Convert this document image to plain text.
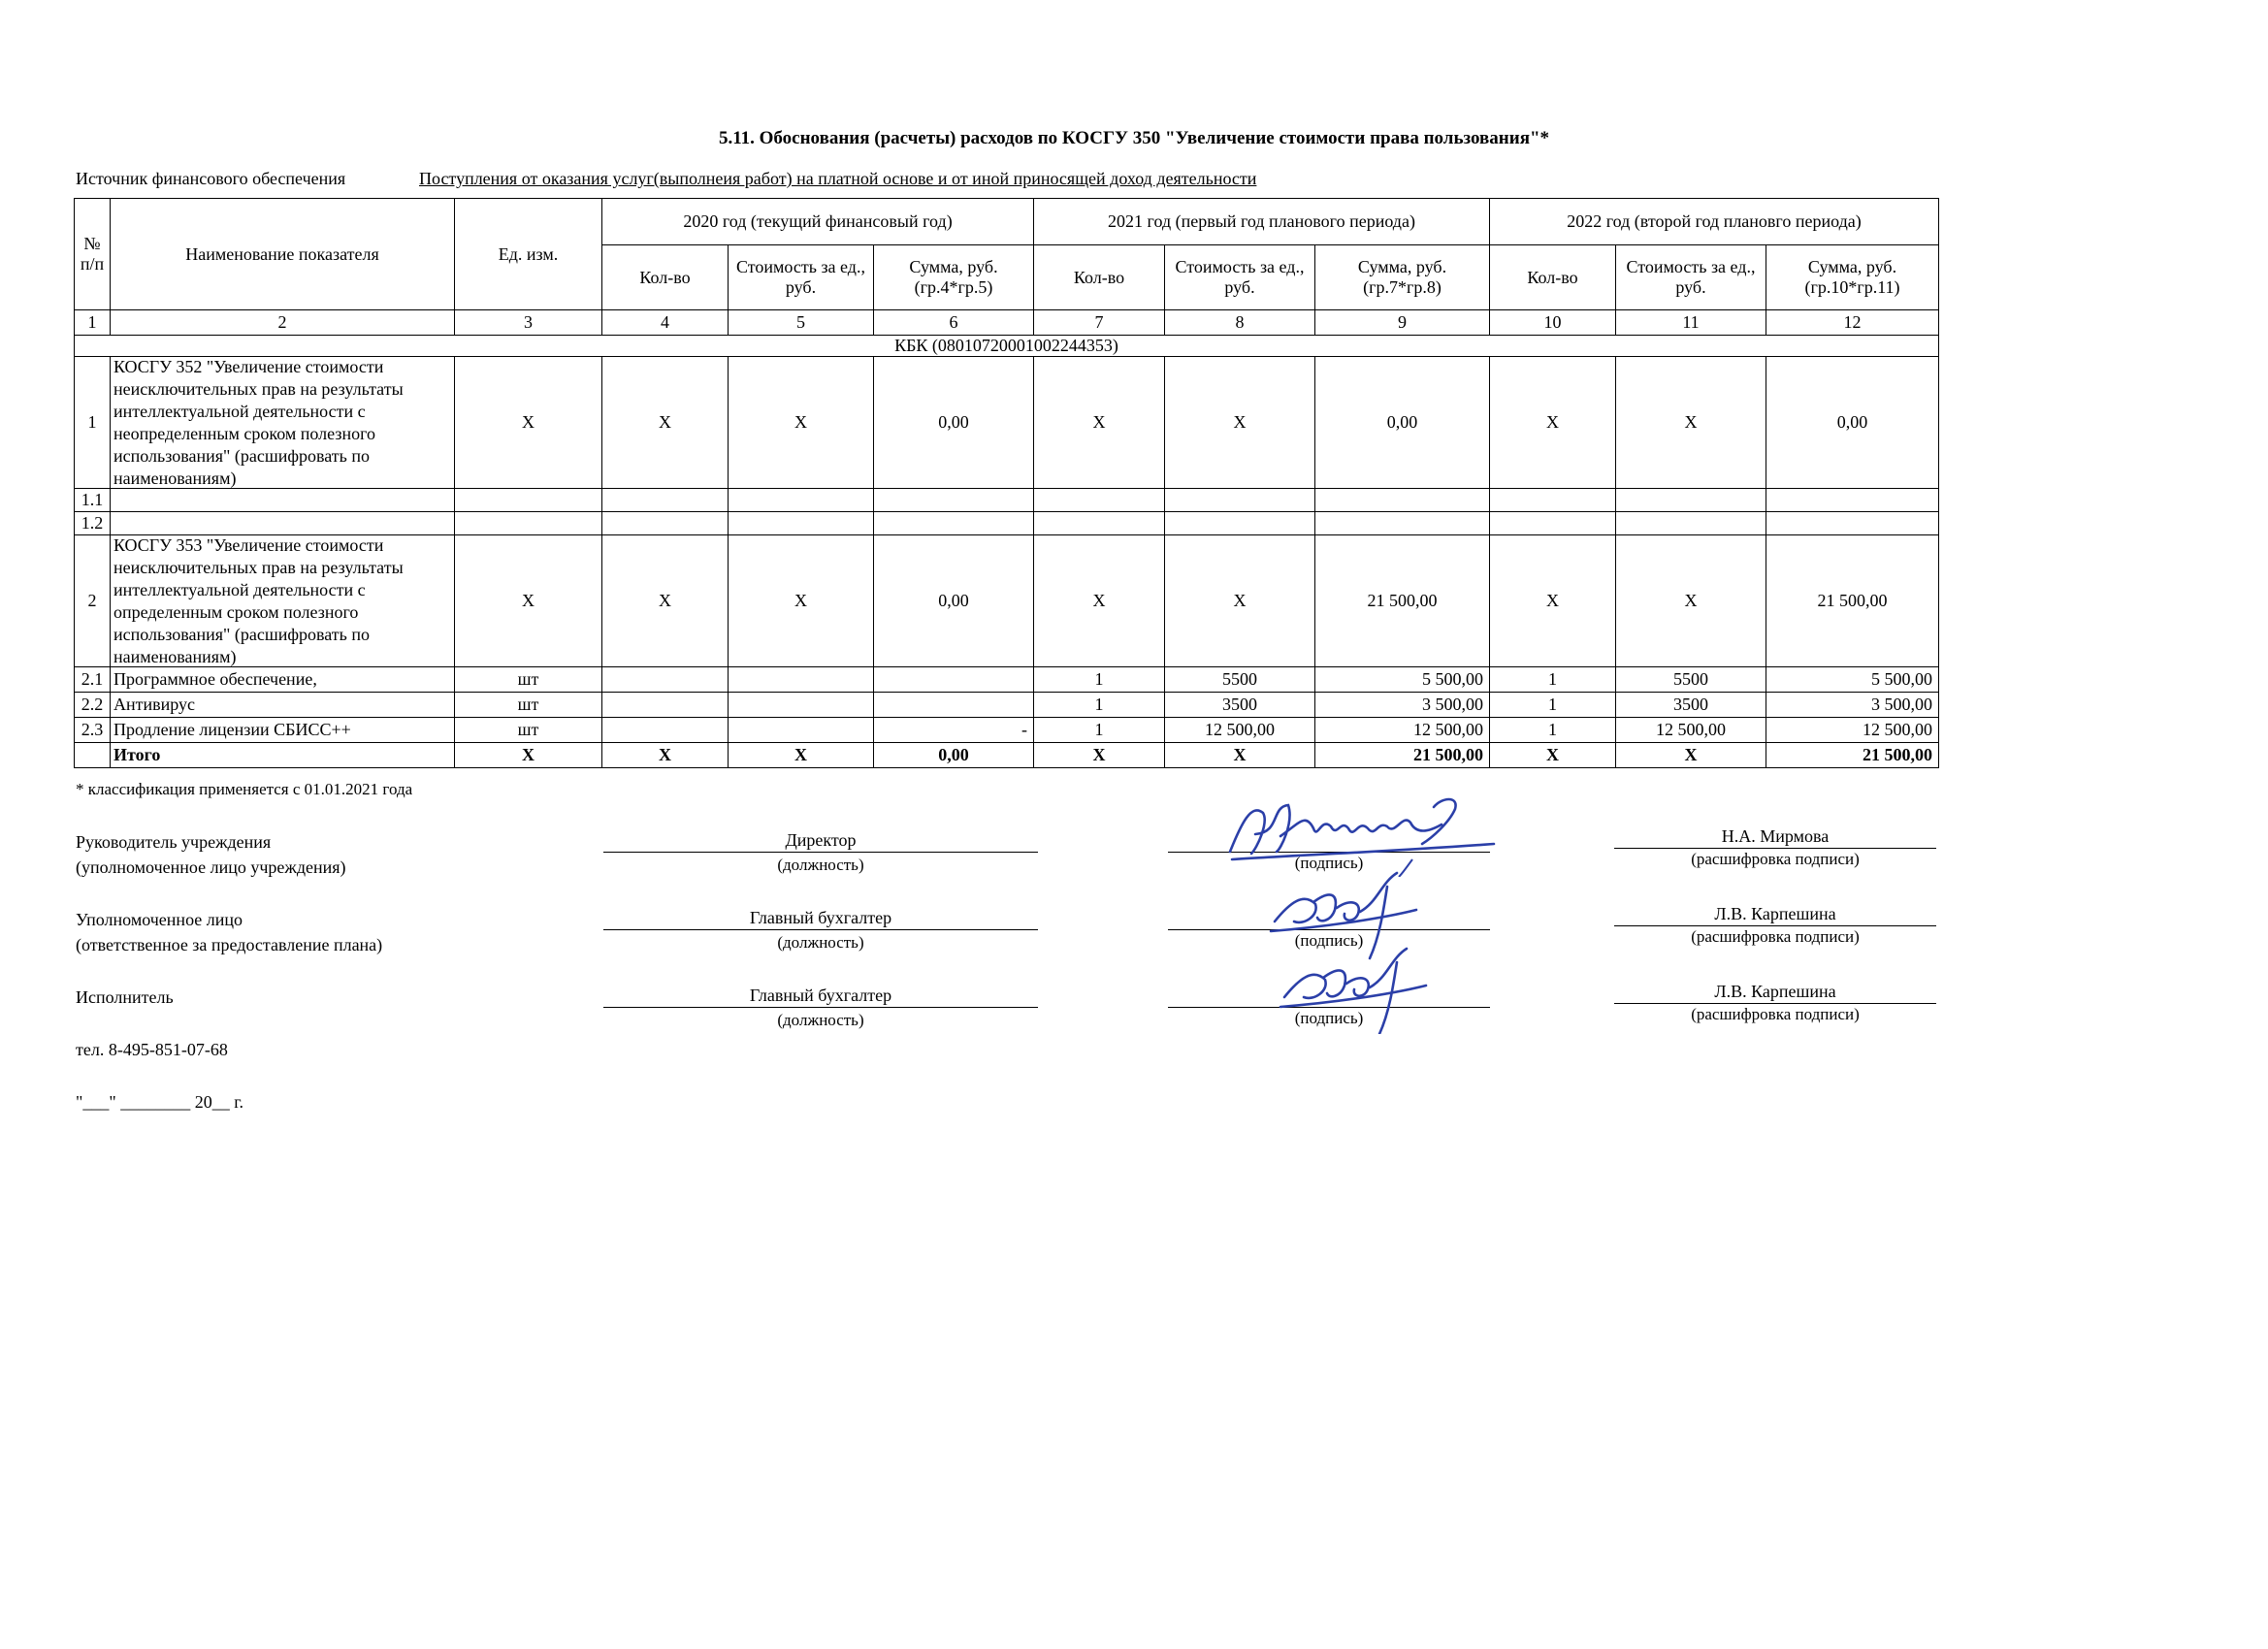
5.11. Обоснования (расчеты) расходов по КОСГУ 350 "Увеличение стоимости права пользования"*
Источник финансового обеспечения	Поступления от оказания услуг(выполнеия работ) на платной основе и от иной приносящей доход деятельности
№ п/п	Наименование показателя	Ед. изм.	2020 год (текущий финансовый год)			2021 год (первый год планового периода)			2022 год (второй год плановго периода)		
			Кол-во	Стоимость за ед., руб.	Сумма, руб. (гр.4*гр.5)	Кол-во	Стоимость за ед., руб.	Сумма, руб. (гр.7*гр.8)	Кол-во	Стоимость за ед., руб.	Сумма, руб. (гр.10*гр.11)
1	2	3	4	5	6	7	8	9	10	11	12
КБК (08010720001002244353)											
1	КОСГУ 352 "Увеличение стоимости неисключительных прав на результаты интеллектуальной деятельности с неопределенным сроком полезного использования" (расшифровать по наименованиям)	Х	Х	Х	0,00	Х	Х	0,00	Х	Х	0,00
1.1											
1.2											
2	КОСГУ 353 "Увеличение стоимости неисключительных прав на результаты интеллектуальной деятельности с определенным сроком полезного использования" (расшифровать по наименованиям)	Х	Х	Х	0,00	Х	Х	21 500,00	Х	Х	21 500,00
2.1	Программное обеспечение,	шт				1	5500	5 500,00	1	5500	5 500,00
2.2	Антивирус	шт				1	3500	3 500,00	1	3500	3 500,00
2.3	Продление лицензии СБИСС++	шт			-	1	12 500,00	12 500,00	1	12 500,00	12 500,00
	Итого	Х	Х	Х	0,00	Х	Х	21 500,00	Х	Х	21 500,00
* классификация применяется с 01.01.2021 года
Руководитель учреждения
(уполномоченное лицо учреждения)
Директор
(должность)	(подпись)
Н.А. Мирмова
(расшифровка подписи)
Уполномоченное лицо
(ответственное за предоставление плана)
Главный бухгалтер
(должность)	(подпись)
Л.В. Карпешина
(расшифровка подписи)
Исполнитель	Главный бухгалтер
(должность)	(подпись)
Л.В. Карпешина
(расшифровка подписи)
тел. 8-495-851-07-68
"___" ________ 20__ г.
